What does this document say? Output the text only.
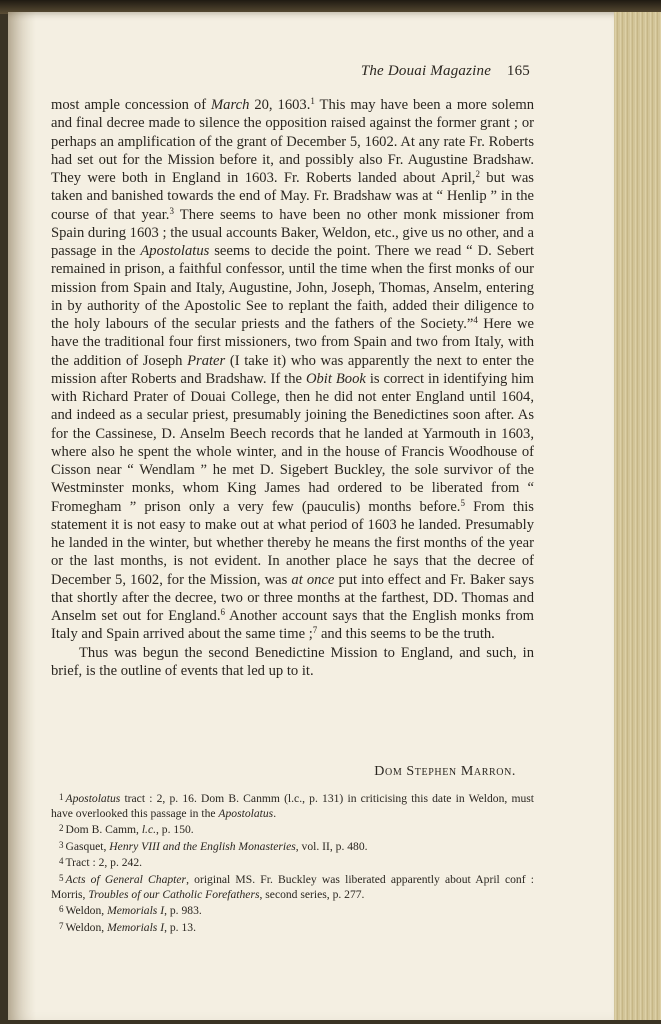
The Douai Magazine 165

most ample concession of March 20, 1603.$^1$ This may have been a more solemn and final decree made to silence the opposition raised against the former grant ; or perhaps an amplification of the grant of December 5, 1602. At any rate Fr. Roberts had set out for the Mission before it, and possibly also Fr. Augustine Bradshaw. They were both in England in 1603. Fr. Roberts landed about April,$^2$ but was taken and banished towards the end of May. Fr. Bradshaw was at “ Henlip ” in the course of that year.$^3$ There seems to have been no other monk missioner from Spain during 1603 ; the usual accounts Baker, Weldon, etc., give us no other, and a passage in the Apostolatus seems to decide the point. There we read “ D. Sebert remained in prison, a faithful confessor, until the time when the first monks of our mission from Spain and Italy, Augustine, John, Joseph, Thomas, Anselm, entering in by authority of the Apostolic See to replant the faith, added their diligence to the holy labours of the secular priests and the fathers of the Society.”$^4$ Here we have the traditional four first missioners, two from Spain and two from Italy, with the addition of Joseph Prater (I take it) who was apparently the next to enter the mission after Roberts and Bradshaw. If the Obit Book is correct in identifying him with Richard Prater of Douai College, then he did not enter England until 1604, and indeed as a secular priest, presumably joining the Benedictines soon after. As for the Cassinese, D. Anselm Beech records that he landed at Yarmouth in 1603, where also he spent the whole winter, and in the house of Francis Woodhouse of Cisson near “ Wendlam ” he met D. Sigebert Buckley, the sole survivor of the Westminster monks, whom King James had ordered to be liberated from “ Fromegham ” prison only a very few (pauculis) months before.$^5$ From this statement it is not easy to make out at what period of 1603 he landed. Presumably he landed in the winter, but whether thereby he means the first months of the year or the last months, is not evident. In another place he says that the decree of December 5, 1602, for the Mission, was at once put into effect and Fr. Baker says that shortly after the decree, two or three months at the farthest, DD. Thomas and Anselm set out for England.$^6$ Another account says that the English monks from Italy and Spain arrived about the same time ;$^7$ and this seems to be the truth.

Thus was begun the second Benedictine Mission to England, and such, in brief, is the outline of events that led up to it.

Dom Stephen Marron.
1 Apostolatus tract : 2, p. 16. Dom B. Canmm (l.c., p. 131) in criticising this date in Weldon, must have overlooked this passage in the Apostolatus.
2 Dom B. Camm, l.c., p. 150.
3 Gasquet, Henry VIII and the English Monasteries, vol. II, p. 480.
4 Tract : 2, p. 242.
5 Acts of General Chapter, original MS. Fr. Buckley was liberated apparently about April conf : Morris, Troubles of our Catholic Forefathers, second series, p. 277.
6 Weldon, Memorials I, p. 983.
7 Weldon, Memorials I, p. 13.
